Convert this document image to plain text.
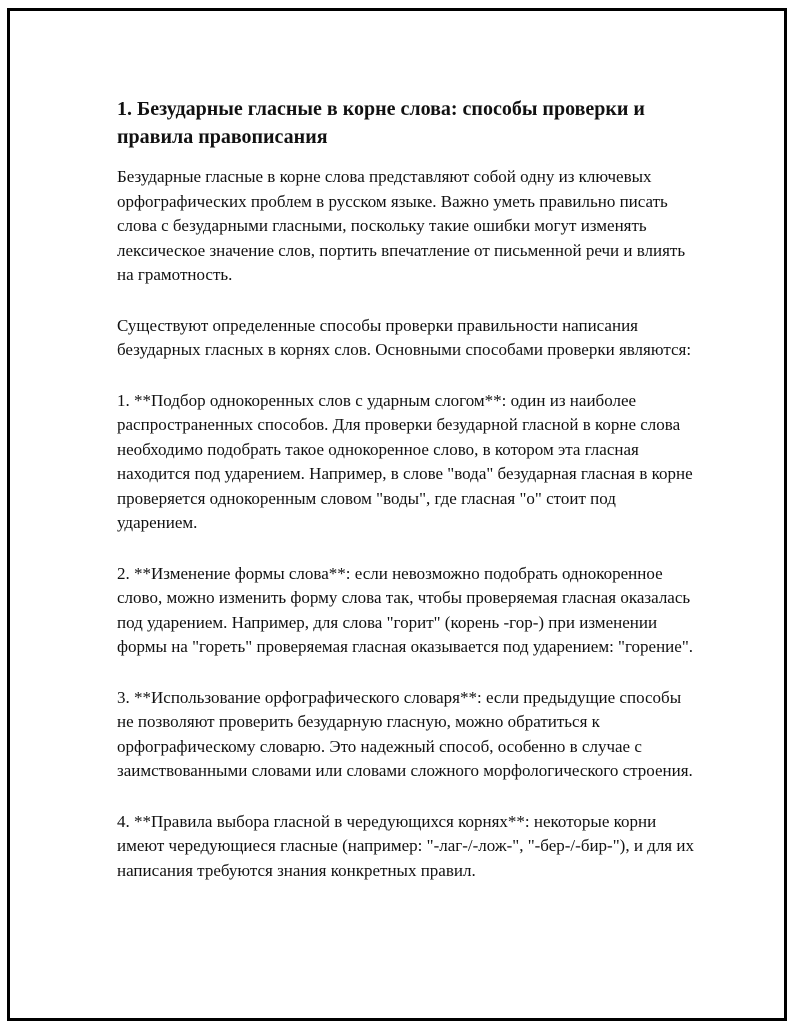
1. Безударные гласные в корне слова: способы проверки и правила правописания

Безударные гласные в корне слова представляют собой одну из ключевых орфографических проблем в русском языке. Важно уметь правильно писать слова с безударными гласными, поскольку такие ошибки могут изменять лексическое значение слов, портить впечатление от письменной речи и влиять на грамотность.

Существуют определенные способы проверки правильности написания безударных гласных в корнях слов. Основными способами проверки являются:

1. **Подбор однокоренных слов с ударным слогом**: один из наиболее распространенных способов. Для проверки безударной гласной в корне слова необходимо подобрать такое однокоренное слово, в котором эта гласная находится под ударением. Например, в слове "вода" безударная гласная в корне проверяется однокоренным словом "воды", где гласная "о" стоит под ударением.

2. **Изменение формы слова**: если невозможно подобрать однокоренное слово, можно изменить форму слова так, чтобы проверяемая гласная оказалась под ударением. Например, для слова "горит" (корень -гор-) при изменении формы на "гореть" проверяемая гласная оказывается под ударением: "горение".

3. **Использование орфографического словаря**: если предыдущие способы не позволяют проверить безударную гласную, можно обратиться к орфографическому словарю. Это надежный способ, особенно в случае с заимствованными словами или словами сложного морфологического строения.

4. **Правила выбора гласной в чередующихся корнях**: некоторые корни имеют чередующиеся гласные (например: "-лаг-/-лож-", "-бер-/-бир-"), и для их написания требуются знания конкретных правил.
